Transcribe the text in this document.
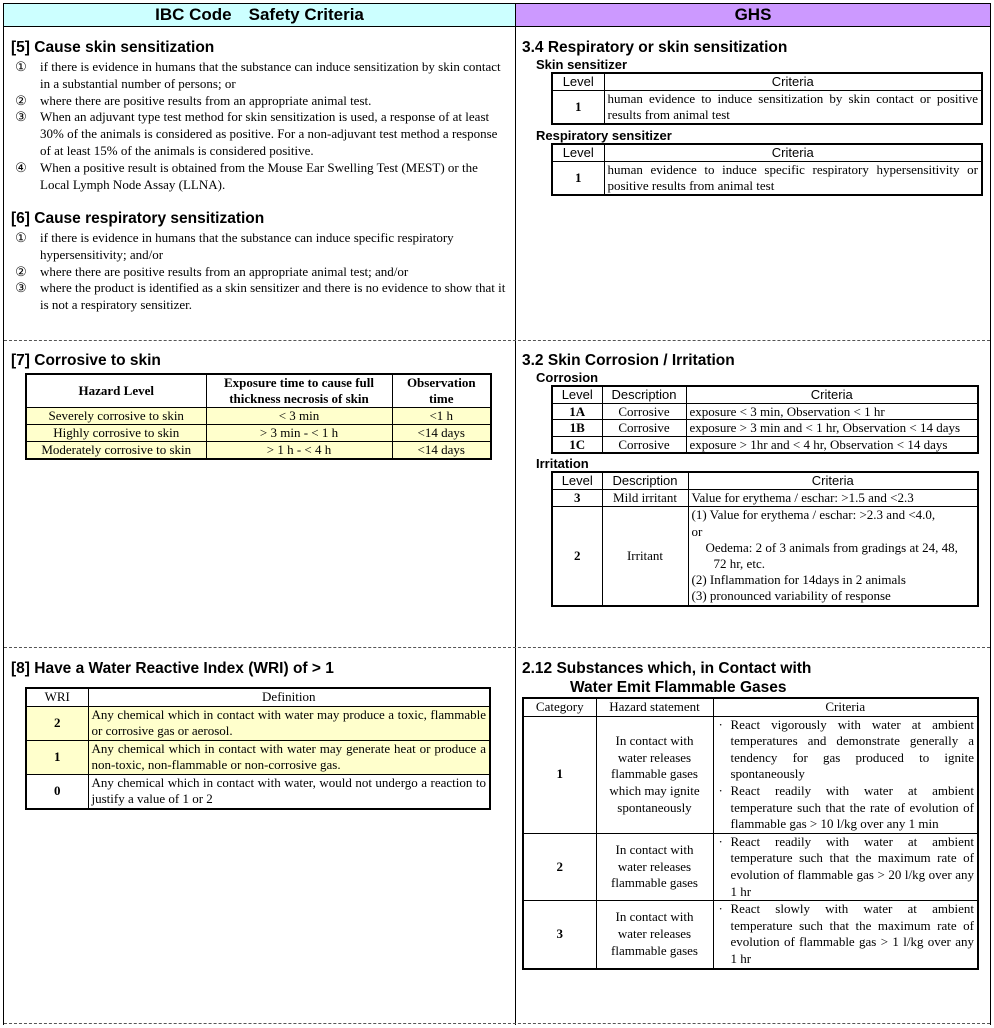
IBC Code　Safety Criteria	GHS
[5] Cause skin sensitization
①	if there is evidence in humans that the substance can induce sensitization by skin contact in a substantial number of persons; or
②	where there are positive results from an appropriate animal test.
③	When an adjuvant type test method for skin sensitization is used, a response of at least 30% of the animals is considered as positive. For a non-adjuvant test method a response of at least 15% of the animals is considered positive.
④	When a positive result is obtained from the Mouse Ear Swelling Test (MEST) or the Local Lymph Node Assay (LLNA).
[6] Cause respiratory sensitization
①	if there is evidence in humans that the substance can induce specific respiratory hypersensitivity; and/or
②	where there are positive results from an appropriate animal test; and/or
③	where the product is identified as a skin sensitizer and there is no evidence to show that it is not a respiratory sensitizer.
[7] Corrosive to skin
Hazard Level	Exposure time to cause full thickness necrosis of skin	Observation time
Severely corrosive to skin	< 3 min	<1 h
Highly corrosive to skin	> 3 min - < 1 h	<14 days
Moderately corrosive to skin	> 1 h - < 4 h	<14 days
[8] Have a Water Reactive Index (WRI) of > 1
WRI	Definition
2	Any chemical which in contact with water may produce a toxic, flammable or corrosive gas or aerosol.
1	Any chemical which in contact with water may generate heat or produce a non-toxic, non-flammable or non-corrosive gas.
0	Any chemical which in contact with water, would not undergo a reaction to justify a value of 1 or 2
3.4 Respiratory or skin sensitization
Skin sensitizer
Level	Criteria
1	human evidence to induce sensitization by skin contact or positive results from animal test
Respiratory sensitizer
Level	Criteria
1	human evidence to induce specific respiratory hypersensitivity or positive results from animal test
3.2 Skin Corrosion / Irritation
Corrosion
Level	Description	Criteria
1A	Corrosive	exposure < 3 min, Observation < 1 hr
1B	Corrosive	exposure > 3 min and < 1 hr, Observation < 14 days
1C	Corrosive	exposure > 1hr and < 4 hr, Observation < 14 days
Irritation
Level	Description	Criteria
3	Mild irritant	Value for erythema / eschar: >1.5 and <2.3
2	Irritant	(1) Value for erythema / eschar: >2.3 and <4.0,
or
Oedema: 2 of 3 animals from gradings at 24, 48, 72 hr, etc.
(2) Inflammation for 14days in 2 animals
(3) pronounced variability of response
2.12 Substances which, in Contact with
Water Emit Flammable Gases
Category	Hazard statement	Criteria
1	In contact with water releases flammable gases which may ignite spontaneously	· React vigorously with water at ambient temperatures and demonstrate generally a tendency for gas produced to ignite spontaneously
· React readily with water at ambient temperature such that the rate of evolution of flammable gas > 10 l/kg over any 1 min

2	In contact with water releases flammable gases	· React readily with water at ambient temperature such that the maximum rate of evolution of flammable gas > 20 l/kg over any 1 hr

3	In contact with water releases flammable gases	· React slowly with water at ambient temperature such that the maximum rate of evolution of flammable gas > 1 l/kg over any 1 hr
